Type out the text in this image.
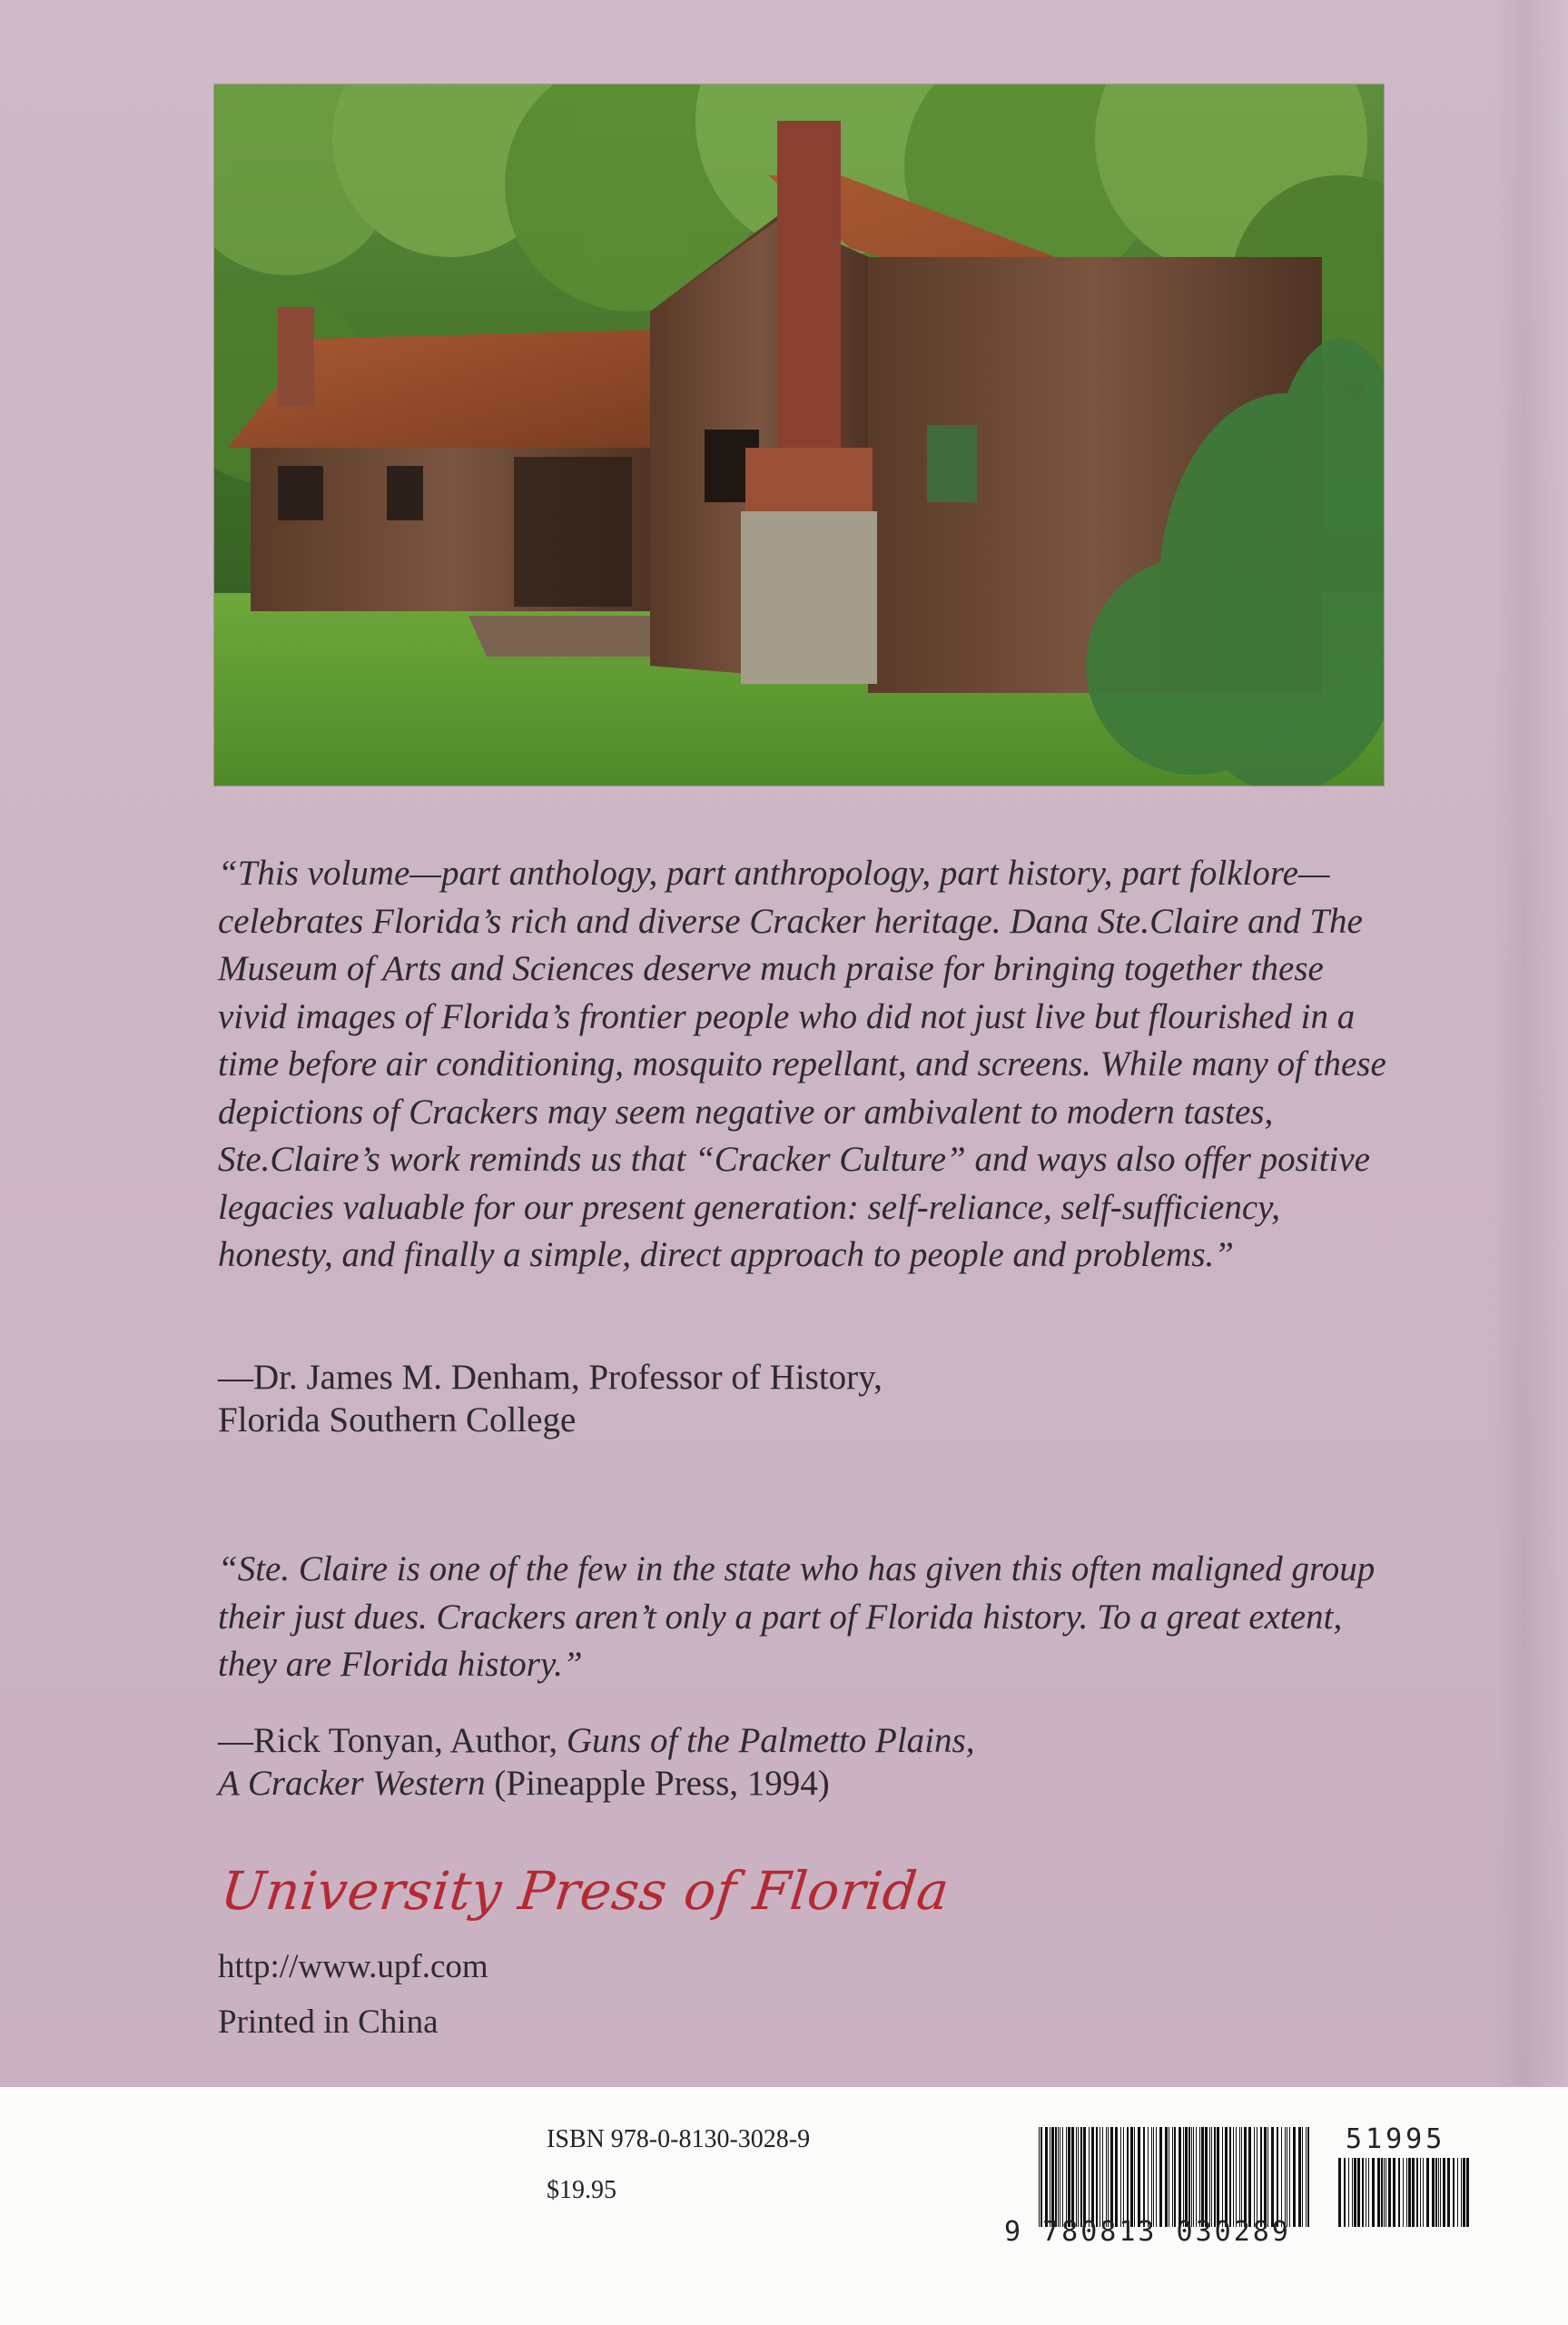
“This volume—part anthology, part anthropology, part history, part folklore—celebrates Florida’s rich and diverse Cracker heritage. Dana Ste.Claire and The Museum of Arts and Sciences deserve much praise for bringing together these vivid images of Florida’s frontier people who did not just live but flourished in a time before air conditioning, mosquito repellant, and screens. While many of these depictions of Crackers may seem negative or ambivalent to modern tastes, Ste.Claire’s work reminds us that “Cracker Culture” and ways also offer positive legacies valuable for our present generation: self-reliance, self-sufficiency, honesty, and finally a simple, direct approach to people and problems.”

—Dr. James M. Denham, Professor of History,
Florida Southern College

“Ste. Claire is one of the few in the state who has given this often maligned group their just dues. Crackers aren’t only a part of Florida history. To a great extent, they are Florida history.”

—Rick Tonyan, Author, Guns of the Palmetto Plains,
A Cracker Western (Pineapple Press, 1994)
University Press of Florida
http://www.upf.com
Printed in China
ISBN 978-0-8130-3028-9
$19.95
9 780813 030289
51995
